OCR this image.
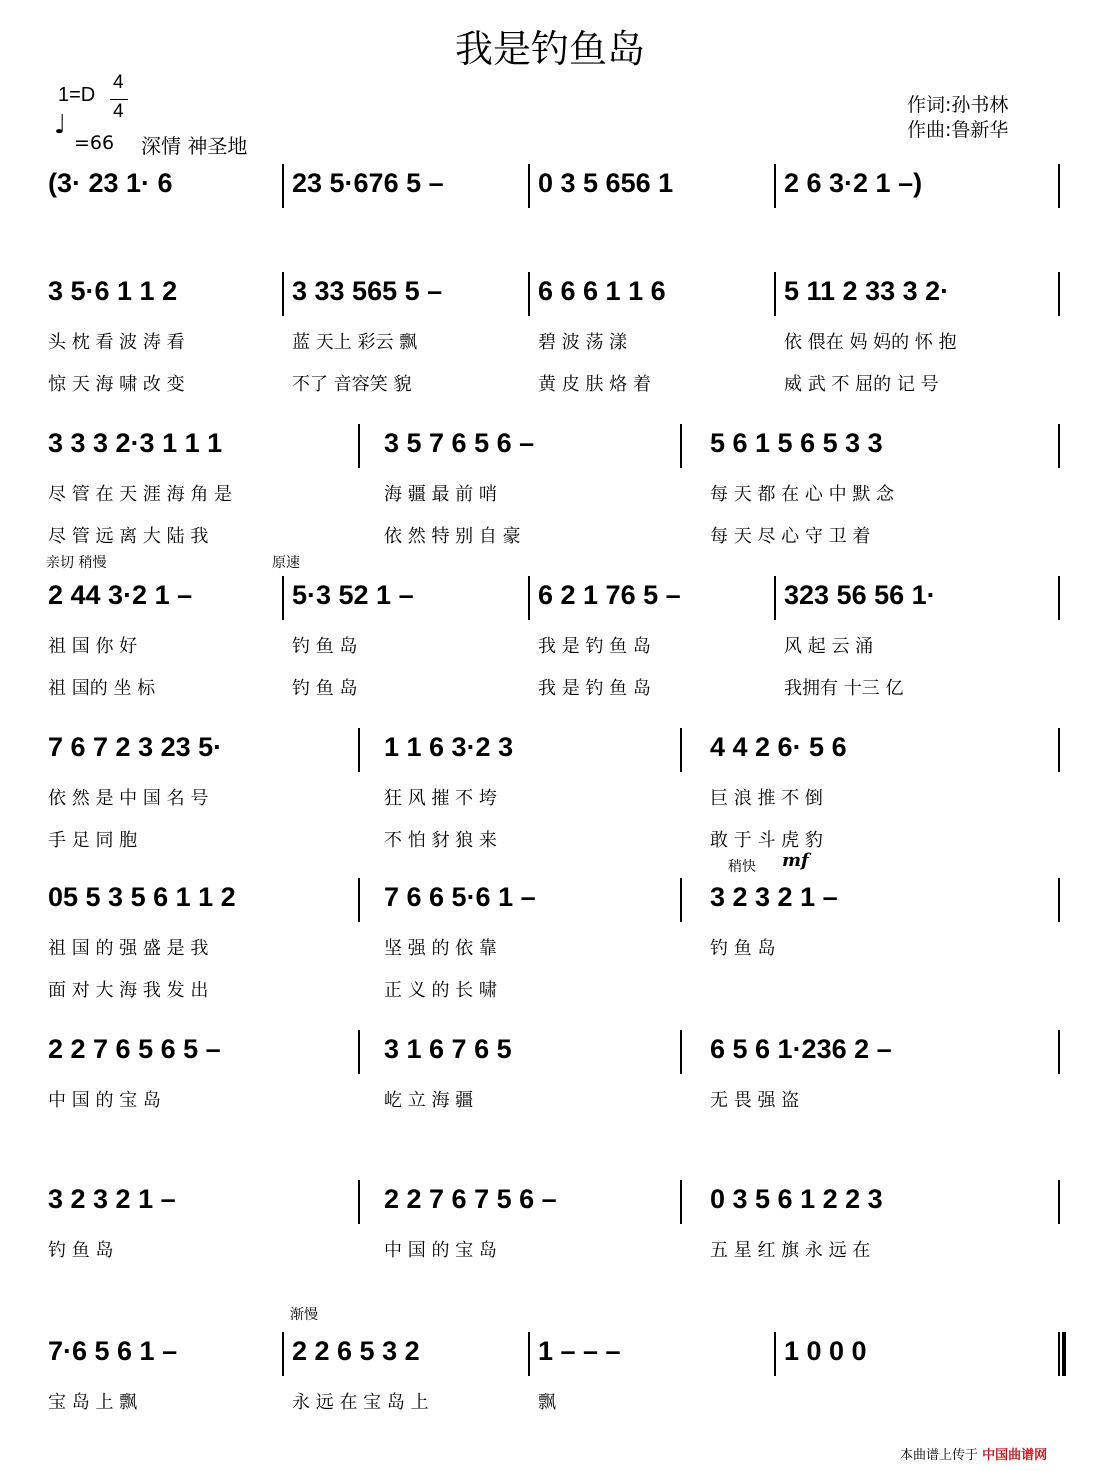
我是钓鱼岛
1=D
4
4
♩
=66 深情 神圣地
作词:孙书林
作曲:鲁新华
亲切 稍慢	原速
稍快 mf
渐慢
(3· 23 1· 6	23 5·676 5 –	0 3 5 656 1	2 6 3·2 1 –)
3 5·6 1 1 2	3 33 565 5 –	6 6 6 1 1 6	5 11 2 33 3 2·
头 枕 看 波 涛 看	蓝 天上 彩云 飘	碧 波 荡 漾	依 偎在 妈 妈的 怀 抱
惊 天 海 啸 改 变	不了 音容笑 貌	黄 皮 肤 烙 着	威 武 不 屈的 记 号
3 3 3 2·3 1 1 1	3 5 7 6 5 6 –	5 6 1 5 6 5 3 3
尽 管 在 天 涯 海 角 是	海 疆 最 前 哨	每 天 都 在 心 中 默 念
尽 管 远 离 大 陆 我	依 然 特 别 自 豪	每 天 尽 心 守 卫 着
2 44 3·2 1 –	5·3 52 1 –	6 2 1 76 5 –	323 56 56 1·
祖 国 你 好	钓 鱼 岛	我 是 钓 鱼 岛	风 起 云 涌
祖 国的 坐 标	钓 鱼 岛	我 是 钓 鱼 岛	我拥有 十三 亿
7 6 7 2 3 23 5·	1 1 6 3·2 3	4 4 2 6· 5 6
依 然 是 中 国 名 号	狂 风 摧 不 垮	巨 浪 推 不 倒
手 足 同 胞	不 怕 豺 狼 来	敢 于 斗 虎 豹
05 5 3 5 6 1 1 2	7 6 6 5·6 1 –	3 2 3 2 1 –
祖 国 的 强 盛 是 我	坚 强 的 依 靠	钓 鱼 岛
面 对 大 海 我 发 出	正 义 的 长 啸
2 2 7 6 5 6 5 –	3 1 6 7 6 5	6 5 6 1·236 2 –
中 国 的 宝 岛	屹 立 海 疆	无 畏 强 盗
3 2 3 2 1 –	2 2 7 6 7 5 6 –	0 3 5 6 1 2 2 3
钓 鱼 岛	中 国 的 宝 岛	五 星 红 旗 永 远 在
7·6 5 6 1 –	2 2 6 5 3 2	1 – – –	1 0 0 0
宝 岛 上 飘	永 远 在 宝 岛 上	飘
本曲谱上传于 中国曲谱网
